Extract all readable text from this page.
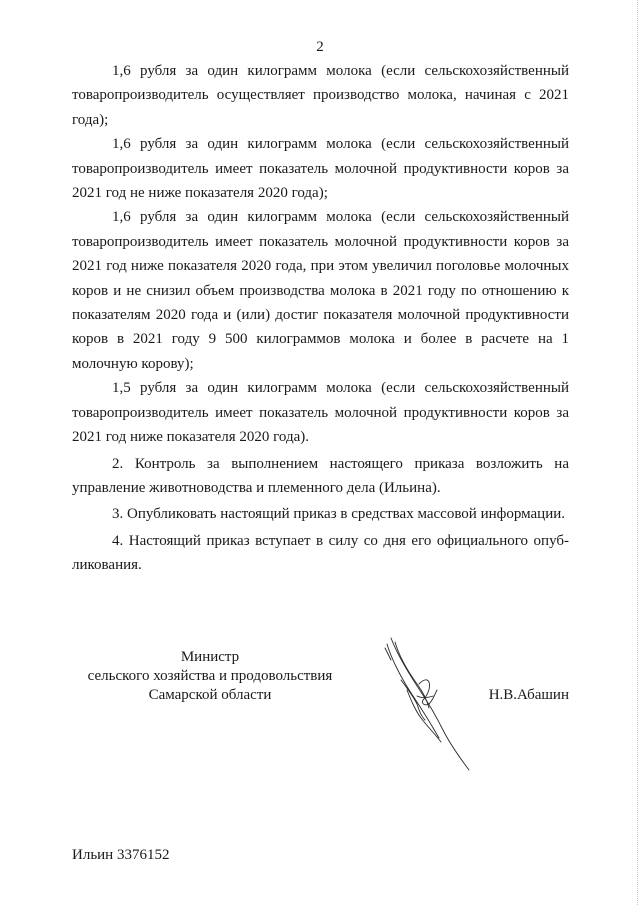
2

1,6 рубля за один килограмм молока (если сельскохозяйственный товаропроизводитель осуществляет производство молока, начиная с 2021 года);

1,6 рубля за один килограмм молока (если сельскохозяйственный товаропроизводитель имеет показатель молочной продуктивности коров за 2021 год не ниже показателя 2020 года);

1,6 рубля за один килограмм молока (если сельскохозяйственный товаропроизводитель имеет показатель молочной продуктивности коров за 2021 год ниже показателя 2020 года, при этом увеличил поголовье молочных коров и не снизил объем производства молока в 2021 году по отношению к показателям 2020 года и (или) достиг показателя молочной продуктивности коров в 2021 году 9 500 килограммов молока и более в расчете на 1 молочную корову);

1,5 рубля за один килограмм молока (если сельскохозяйственный товаропроизводитель имеет показатель молочной продуктивности коров за 2021 год ниже показателя 2020 года).

2. Контроль за выполнением настоящего приказа возложить на управление животноводства и племенного дела (Ильина).

3. Опубликовать настоящий приказ в средствах массовой информации.

4. Настоящий приказ вступает в силу со дня его официального опубликования.

Министр
сельского хозяйства и продовольствия
Самарской области	Н.В.Абашин
Ильин 3376152
